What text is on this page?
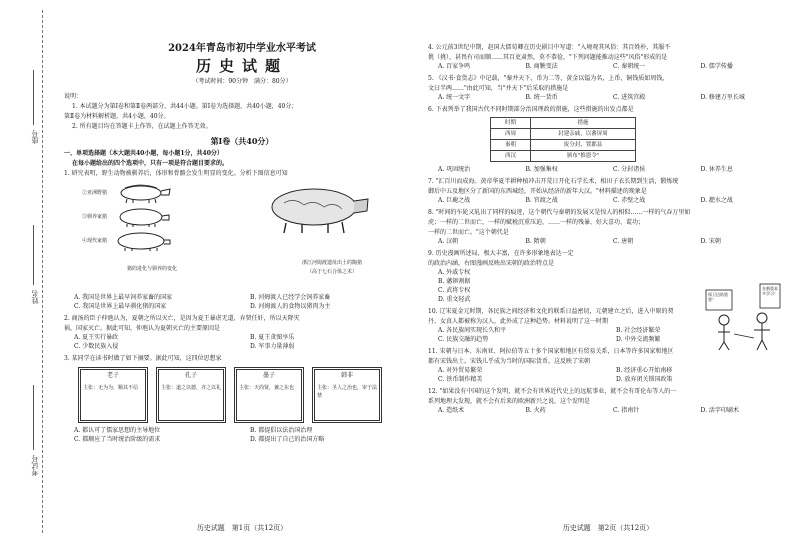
座号
姓名
考试号
2024年青岛市初中学业水平考试
历史试题
（考试时间：90分钟　满分：80分）
说明：
1. 本试题分为第Ⅰ卷和第Ⅱ卷两部分，共44小题。第Ⅰ卷为选择题，共40小题，40分；
第Ⅱ卷为材料解析题，共4小题，40分。
2. 所有题目均在答题卡上作答，在试题上作答无效。
第Ⅰ卷（共40分）
一、单项选择题（本大题共40小题，每小题1分，共40分）
在每小题给出的四个选项中，只有一项是符合题目要求的。
1. 研究表明，野生动物被驯养后，体形和骨骼会发生明显的变化。分析下图信息可知
②亚洲野猪
③驯养家猪
④现代家猪
猪的进化与驯养的变化
浙江河姆渡遗址出土的陶猪
（高于七石合体之术）
A. 我国是世界上最早饲养家畜的国家	B. 河姆渡人已经学会饲养家畜
C. 我国是世界上最早驯化猪的国家	D. 河姆渡人的食物以猪肉为主
2. 商汤的臣子仲虺认为，夏朝之所以灭亡，是因为夏王暴虐无道，弃贤任奸，所以天降灾
祸，国家灭亡。据此可知，仲虺认为夏朝灭亡的主要原因是
A. 夏王实行暴政	B. 夏王贪图享乐
C. 少数民族入侵	D. 军事力量薄弱
3. 某同学在读书时做了如下摘要。据此可知，这四位思想家
老子
主张：无为为，顺其不信
孔子
主张：道之以德，齐之以礼
墨子
主张：天尚贤，兼之东也
韩非
主张：圣人之治也，审于法禁
A. 都认可了儒家思想的主导地位	B. 都提倡以法治国治理
C. 都顺应了当时统治阶级的需求	D. 都提出了自己的治国方略
历史试题　第1页（共12页）
4. 公元前3世纪中期，赵国大儒荀卿在历史剧目中写道："入境观其风俗：其百姓朴，其服不
佻（挑），甚畏有司而顺……其百吏肃然，莫不恭俭，"下列问题能推动这些"风俗"形成的是
A. 百家争鸣	B. 商鞅变法	C. 秦朝统一	D. 儒学传播
5. 《汉书·食货志》中记载，"秦并天下，币为二等，黄金以镒为名，上币，铜钱质如周钱，
文曰半两……"由此可知，当"并天下"后采取的措施是
A. 统一文字	B. 统一货币	C. 进筑宫殿	D. 修建万里长城
6. 下表列举了我国古代不同时期部分治国理政的措施，这些措施的出发点都是
时期	措施
西周	封建亲戚，以蕃屏周
秦朝	废分封，置郡县
西汉	颁布"推恩令"
A. 巩固统治	B. 加强集权	C. 分封诸侯	D. 休养生息
7. "汇百川而成海。黄帝华夏半耕种植冲击开荒日开化石学长术，相田子衣长期到生活，锻炼统
御后中五及地区分了新国的东西城经，开始从经济的新年大汉。"材料描述的现象是
A. 巨鹿之战	B. 官渡之战	C. 赤壁之战	D. 淝水之战
8. "时间的车轮又轧出了同样的痕迹，这个朝代与秦朝的发展又是惊人的相似……一样的气吞万里如
虎；一样的二世而亡，一样的赋税沉重压迫，……一样的残暴、好大喜功、谎功；
一样的二世而亡。"这个朝代是
A. 汉朝	B. 隋朝	C. 唐朝	D. 宋朝
9. 历史漫画所述局，极大丰富，在许多形象地表达一定
的政治内涵，右图漫画反映出宋朝的政治特点是
A. 外戚专权
B. 藩镇割据
C. 武将专权
D. 重文轻武
保卫边防重要！
先朝重本多学习！
10. 辽宋夏金元时期，各民族之间经济和文化的联系日益密切，元朝建立之后，进入中原的契
丹、女真人都被称为汉人，此外成了这种趋势。材料说明了这一时期
A. 各民族间实现长久和平	B. 社会经济繁荣
C. 民族交融的趋势	D. 中外交流频繁
11. 宋朝与日本、东南亚、阿拉伯等五十多个国家和地区有贸易关系，日本等许多国家和地区
都有宋钱出土。宋钱儿乎成为当时的国际货币。这反映了宋朝
A. 对外贸易繁荣	B. 经济重心开始南移
C. 铁币制作精美	D. 放弃闭关锁国政策
12. "如果没有中国的这个发明，就不会有世界近代史上的远航事业，就不会有哥伦布等人的一
系列地理大发现，就不会有后来的欧洲新兴之说，这个发明是
A. 造纸术	B. 火药	C. 指南针	D. 活字印刷术
历史试题　第2页（共12页）
